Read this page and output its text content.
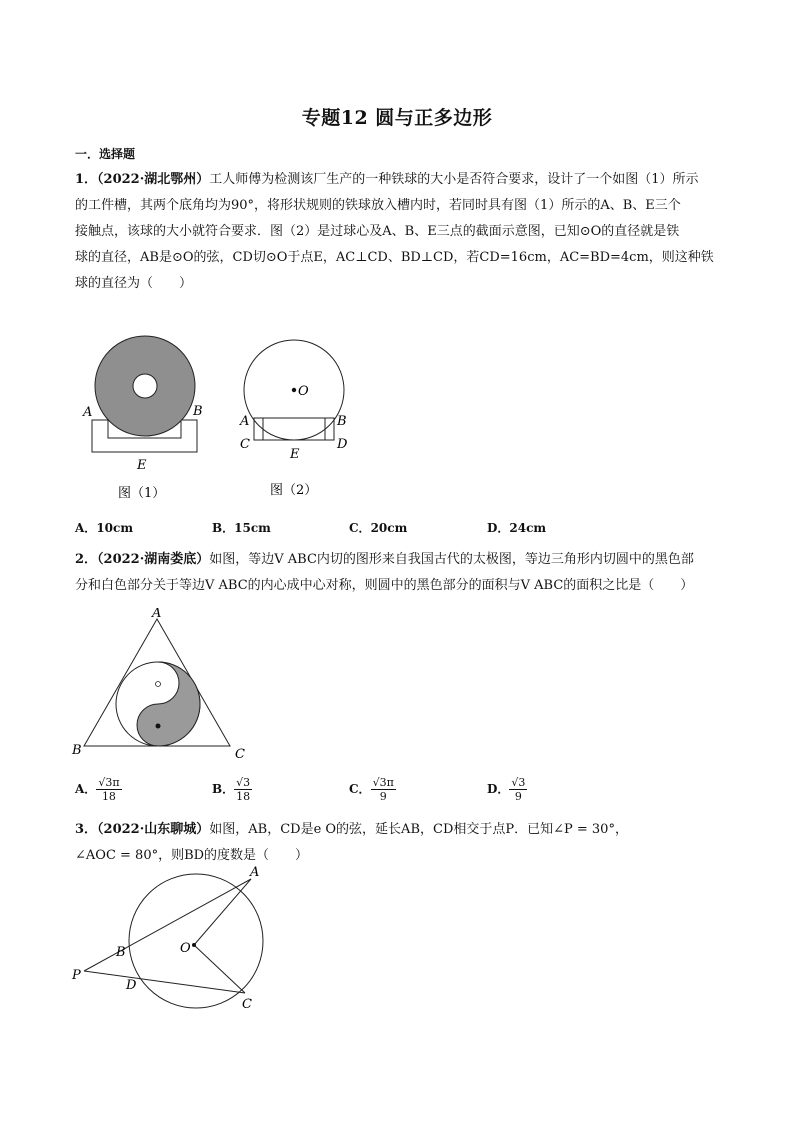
专题12 圆与正多边形
一．选择题
1．（2022·湖北鄂州）工人师傅为检测该厂生产的一种铁球的大小是否符合要求，设计了一个如图（1）所示
的工件槽，其两个底角均为90°，将形状规则的铁球放入槽内时，若同时具有图（1）所示的A、B、E三个
接触点，该球的大小就符合要求．图（2）是过球心及A、B、E三点的截面示意图，已知⊙O的直径就是铁
球的直径，AB是⊙O的弦，CD切⊙O于点E，AC⊥CD、BD⊥CD，若CD=16cm，AC=BD=4cm，则这种铁
球的直径为（　　）
A	B
E
图（1）
O
A	B
C	D
E
图（2）
A．10cm	B．15cm	C．20cm	D．24cm
2．（2022·湖南娄底）如图，等边V ABC内切的图形来自我国古代的太极图，等边三角形内切圆中的黑色部
分和白色部分关于等边V ABC的内心成中心对称，则圆中的黑色部分的面积与V ABC的面积之比是（　　）
A
B	C
A． $\frac{√3\pi}{18}$	B． $\frac{√3}{18}$	C． $\frac{√3\pi}{9}$	D． $\frac{√3}{9}$
3．（2022·山东聊城）如图，AB，CD是e O的弦，延长AB，CD相交于点P．已知∠P = 30°，
∠AOC = 80°，则BD的度数是（　　）
O
A
B
P
D
C
